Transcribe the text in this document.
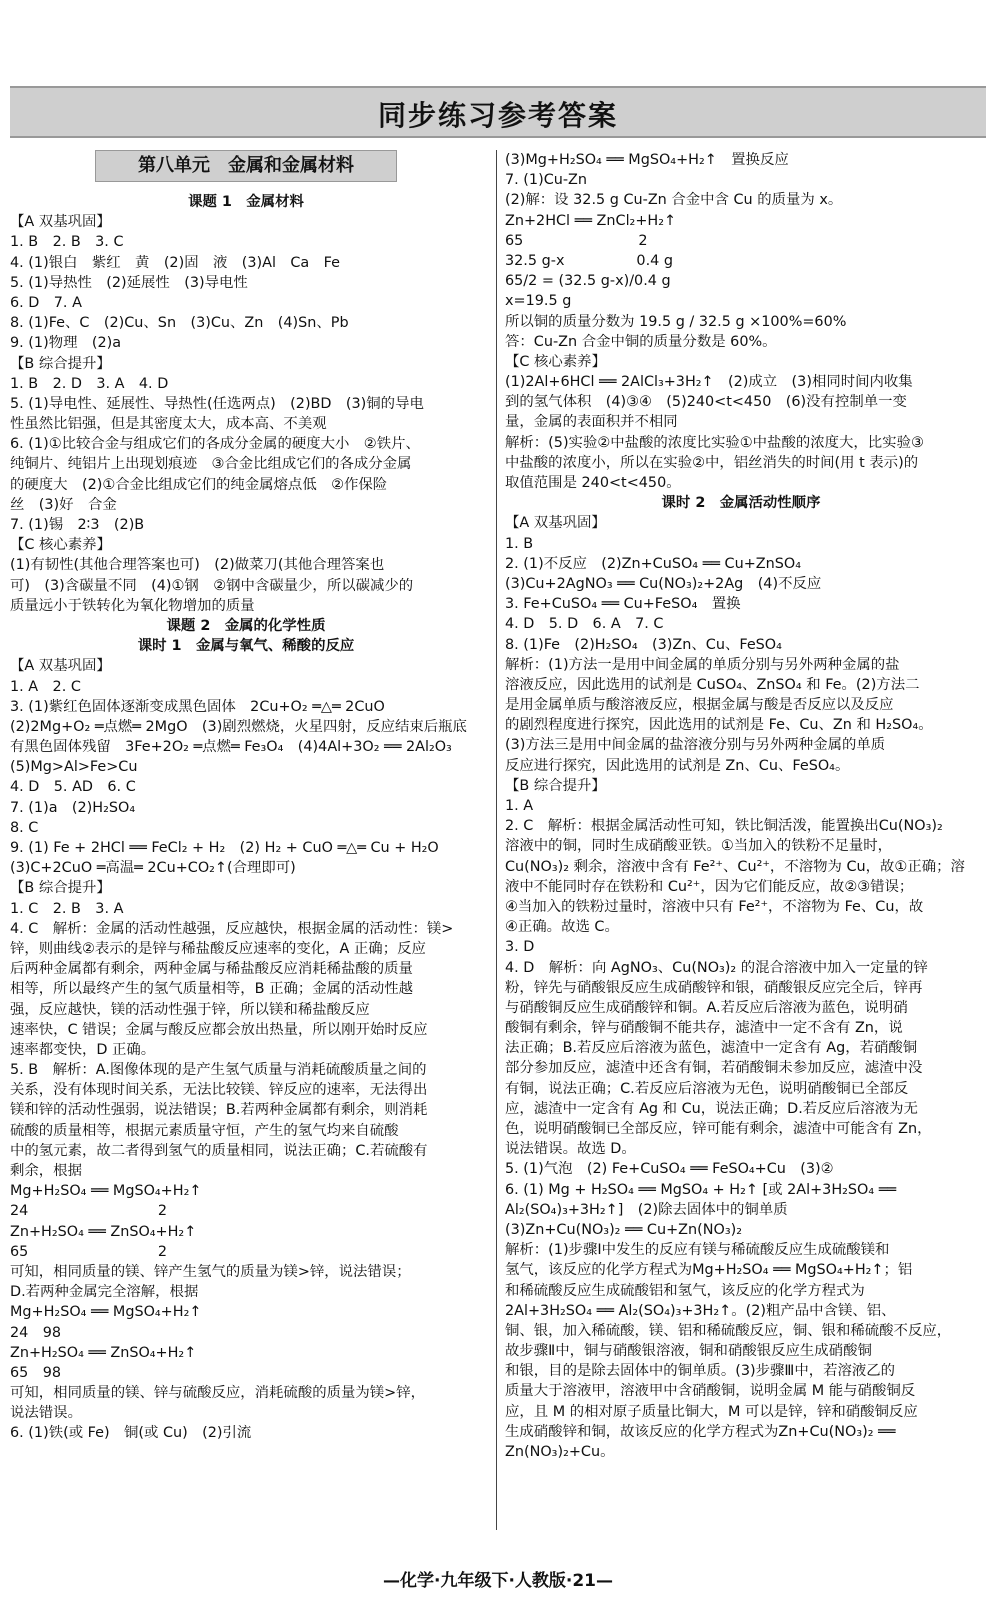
同步练习参考答案
第八单元　金属和金属材料
课题 1　金属材料
【A 双基巩固】
1. B　2. B　3. C
4. (1)银白　紫红　黄　(2)固　液　(3)Al　Ca　Fe
5. (1)导热性　(2)延展性　(3)导电性
6. D　7. A
8. (1)Fe、C　(2)Cu、Sn　(3)Cu、Zn　(4)Sn、Pb
9. (1)物理　(2)a
【B 综合提升】
1. B　2. D　3. A　4. D
5. (1)导电性、延展性、导热性(任选两点)　(2)BD　(3)铜的导电
性虽然比铝强，但是其密度太大，成本高、不美观
6. (1)①比较合金与组成它们的各成分金属的硬度大小　②铁片、
纯铜片、纯铝片上出现划痕迹　③合金比组成它们的各成分金属
的硬度大　(2)①合金比组成它们的纯金属熔点低　②作保险
丝　(3)好　合金
7. (1)锡　2∶3　(2)B
【C 核心素养】
(1)有韧性(其他合理答案也可)　(2)做菜刀(其他合理答案也
可)　(3)含碳量不同　(4)①钢　②钢中含碳量少，所以碳减少的
质量远小于铁转化为氧化物增加的质量
课题 2　金属的化学性质
课时 1　金属与氧气、稀酸的反应
【A 双基巩固】
1. A　2. C
3. (1)紫红色固体逐渐变成黑色固体　2Cu+O₂ ═△═ 2CuO
(2)2Mg+O₂ ═点燃═ 2MgO　(3)剧烈燃烧，火星四射，反应结束后瓶底
有黑色固体残留　3Fe+2O₂ ═点燃═ Fe₃O₄　(4)4Al+3O₂ ══ 2Al₂O₃
(5)Mg>Al>Fe>Cu
4. D　5. AD　6. C
7. (1)a　(2)H₂SO₄
8. C
9. (1) Fe + 2HCl ══ FeCl₂ + H₂　(2) H₂ + CuO ═△═ Cu + H₂O
(3)C+2CuO ═高温═ 2Cu+CO₂↑(合理即可)
【B 综合提升】
1. C　2. B　3. A
4. C　解析：金属的活动性越强，反应越快，根据金属的活动性：镁>
锌，则曲线②表示的是锌与稀盐酸反应速率的变化，A 正确；反应
后两种金属都有剩余，两种金属与稀盐酸反应消耗稀盐酸的质量
相等，所以最终产生的氢气质量相等，B 正确；金属的活动性越
强，反应越快，镁的活动性强于锌，所以镁和稀盐酸反应
速率快，C 错误；金属与酸反应都会放出热量，所以刚开始时反应
速率都变快，D 正确。
5. B　解析：A.图像体现的是产生氢气质量与消耗硫酸质量之间的
关系，没有体现时间关系，无法比较镁、锌反应的速率，无法得出
镁和锌的活动性强弱，说法错误；B.若两种金属都有剩余，则消耗
硫酸的质量相等，根据元素质量守恒，产生的氢气均来自硫酸
中的氢元素，故二者得到氢气的质量相同，说法正确；C.若硫酸有
剩余，根据
Mg+H₂SO₄ ══ MgSO₄+H₂↑
24　　　　　　　　　2
Zn+H₂SO₄ ══ ZnSO₄+H₂↑
65　　　　　　　　　2
可知，相同质量的镁、锌产生氢气的质量为镁>锌，说法错误；
D.若两种金属完全溶解，根据
Mg+H₂SO₄ ══ MgSO₄+H₂↑
24　98
Zn+H₂SO₄ ══ ZnSO₄+H₂↑
65　98
可知，相同质量的镁、锌与硫酸反应，消耗硫酸的质量为镁>锌，
说法错误。
6. (1)铁(或 Fe)　铜(或 Cu)　(2)引流
(3)Mg+H₂SO₄ ══ MgSO₄+H₂↑　置换反应
7. (1)Cu-Zn
(2)解：设 32.5 g Cu-Zn 合金中含 Cu 的质量为 x。
Zn+2HCl ══ ZnCl₂+H₂↑
65　　　　　　　　2
32.5 g-x　　　　　0.4 g
65/2 = (32.5 g-x)/0.4 g
x=19.5 g
所以铜的质量分数为 19.5 g / 32.5 g ×100%=60%
答：Cu-Zn 合金中铜的质量分数是 60%。
【C 核心素养】
(1)2Al+6HCl ══ 2AlCl₃+3H₂↑　(2)成立　(3)相同时间内收集
到的氢气体积　(4)③④　(5)240<t<450　(6)没有控制单一变
量，金属的表面积并不相同
解析：(5)实验②中盐酸的浓度比实验①中盐酸的浓度大，比实验③
中盐酸的浓度小，所以在实验②中，铝丝消失的时间(用 t 表示)的
取值范围是 240<t<450。
课时 2　金属活动性顺序
【A 双基巩固】
1. B
2. (1)不反应　(2)Zn+CuSO₄ ══ Cu+ZnSO₄
(3)Cu+2AgNO₃ ══ Cu(NO₃)₂+2Ag　(4)不反应
3. Fe+CuSO₄ ══ Cu+FeSO₄　置换
4. D　5. D　6. A　7. C
8. (1)Fe　(2)H₂SO₄　(3)Zn、Cu、FeSO₄
解析：(1)方法一是用中间金属的单质分别与另外两种金属的盐
溶液反应，因此选用的试剂是 CuSO₄、ZnSO₄ 和 Fe。(2)方法二
是用金属单质与酸溶液反应，根据金属与酸是否反应以及反应
的剧烈程度进行探究，因此选用的试剂是 Fe、Cu、Zn 和 H₂SO₄。
(3)方法三是用中间金属的盐溶液分别与另外两种金属的单质
反应进行探究，因此选用的试剂是 Zn、Cu、FeSO₄。
【B 综合提升】
1. A
2. C　解析：根据金属活动性可知，铁比铜活泼，能置换出Cu(NO₃)₂
溶液中的铜，同时生成硝酸亚铁。①当加入的铁粉不足量时，
Cu(NO₃)₂ 剩余，溶液中含有 Fe²⁺、Cu²⁺，不溶物为 Cu，故①正确；溶
液中不能同时存在铁粉和 Cu²⁺，因为它们能反应，故②③错误；
④当加入的铁粉过量时，溶液中只有 Fe²⁺，不溶物为 Fe、Cu，故
④正确。故选 C。
3. D
4. D　解析：向 AgNO₃、Cu(NO₃)₂ 的混合溶液中加入一定量的锌
粉，锌先与硝酸银反应生成硝酸锌和银，硝酸银反应完全后，锌再
与硝酸铜反应生成硝酸锌和铜。A.若反应后溶液为蓝色，说明硝
酸铜有剩余，锌与硝酸铜不能共存，滤渣中一定不含有 Zn，说
法正确；B.若反应后溶液为蓝色，滤渣中一定含有 Ag，若硝酸铜
部分参加反应，滤渣中还含有铜，若硝酸铜未参加反应，滤渣中没
有铜，说法正确；C.若反应后溶液为无色，说明硝酸铜已全部反
应，滤渣中一定含有 Ag 和 Cu，说法正确；D.若反应后溶液为无
色，说明硝酸铜已全部反应，锌可能有剩余，滤渣中可能含有 Zn，
说法错误。故选 D。
5. (1)气泡　(2) Fe+CuSO₄ ══ FeSO₄+Cu　(3)②
6. (1) Mg + H₂SO₄ ══ MgSO₄ + H₂↑ [或 2Al+3H₂SO₄ ══
Al₂(SO₄)₃+3H₂↑]　(2)除去固体中的铜单质
(3)Zn+Cu(NO₃)₂ ══ Cu+Zn(NO₃)₂
解析：(1)步骤Ⅰ中发生的反应有镁与稀硫酸反应生成硫酸镁和
氢气，该反应的化学方程式为Mg+H₂SO₄ ══ MgSO₄+H₂↑；铝
和稀硫酸反应生成硫酸铝和氢气，该反应的化学方程式为
2Al+3H₂SO₄ ══ Al₂(SO₄)₃+3H₂↑。(2)粗产品中含镁、铝、
铜、银，加入稀硫酸，镁、铝和稀硫酸反应，铜、银和稀硫酸不反应，
故步骤Ⅱ中，铜与硝酸银溶液，铜和硝酸银反应生成硝酸铜
和银，目的是除去固体中的铜单质。(3)步骤Ⅲ中，若溶液乙的
质量大于溶液甲，溶液甲中含硝酸铜，说明金属 M 能与硝酸铜反
应，且 M 的相对原子质量比铜大，M 可以是锌，锌和硝酸铜反应
生成硝酸锌和铜，故该反应的化学方程式为Zn+Cu(NO₃)₂ ══
Zn(NO₃)₂+Cu。
—化学·九年级下·人教版·21—
